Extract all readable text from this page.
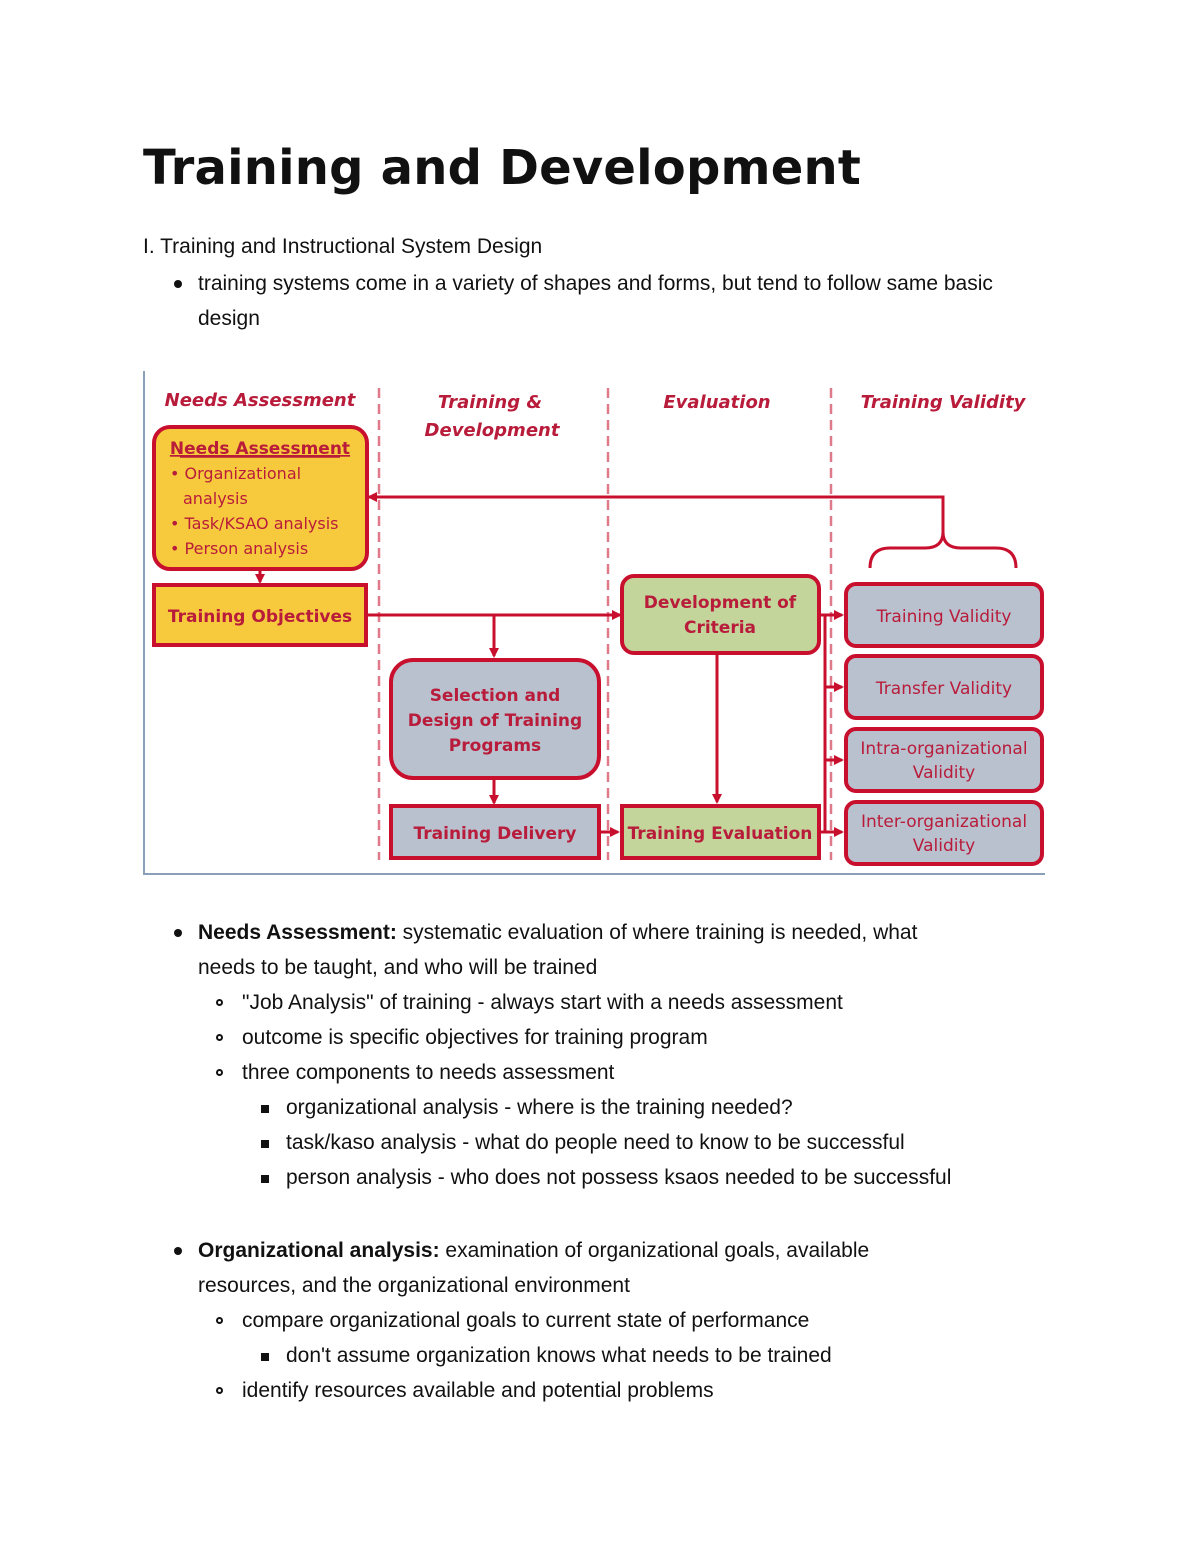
Training and Development

I. Training and Instructional System Design

training systems come in a variety of shapes and forms, but tend to follow same basic design

Needs Assessment	Training &
Development
Evaluation	Training Validity
Needs Assessment
• Organizational
analysis
• Task/KSAO analysis
• Person analysis
Training Objectives
Selection and
Design of Training
Programs
Training Delivery
Development of
Criteria
Training Evaluation
Training Validity
Transfer Validity
Intra-organizational
Validity
Inter-organizational
Validity
Needs Assessment: systematic evaluation of where training is needed, what
needs to be taught, and who will be trained
"Job Analysis" of training - always start with a needs assessment
outcome is specific objectives for training program
three components to needs assessment
organizational analysis - where is the training needed?
task/kaso analysis - what do people need to know to be successful
person analysis - who does not possess ksaos needed to be successful
Organizational analysis: examination of organizational goals, available
resources, and the organizational environment
compare organizational goals to current state of performance
don't assume organization knows what needs to be trained
identify resources available and potential problems
